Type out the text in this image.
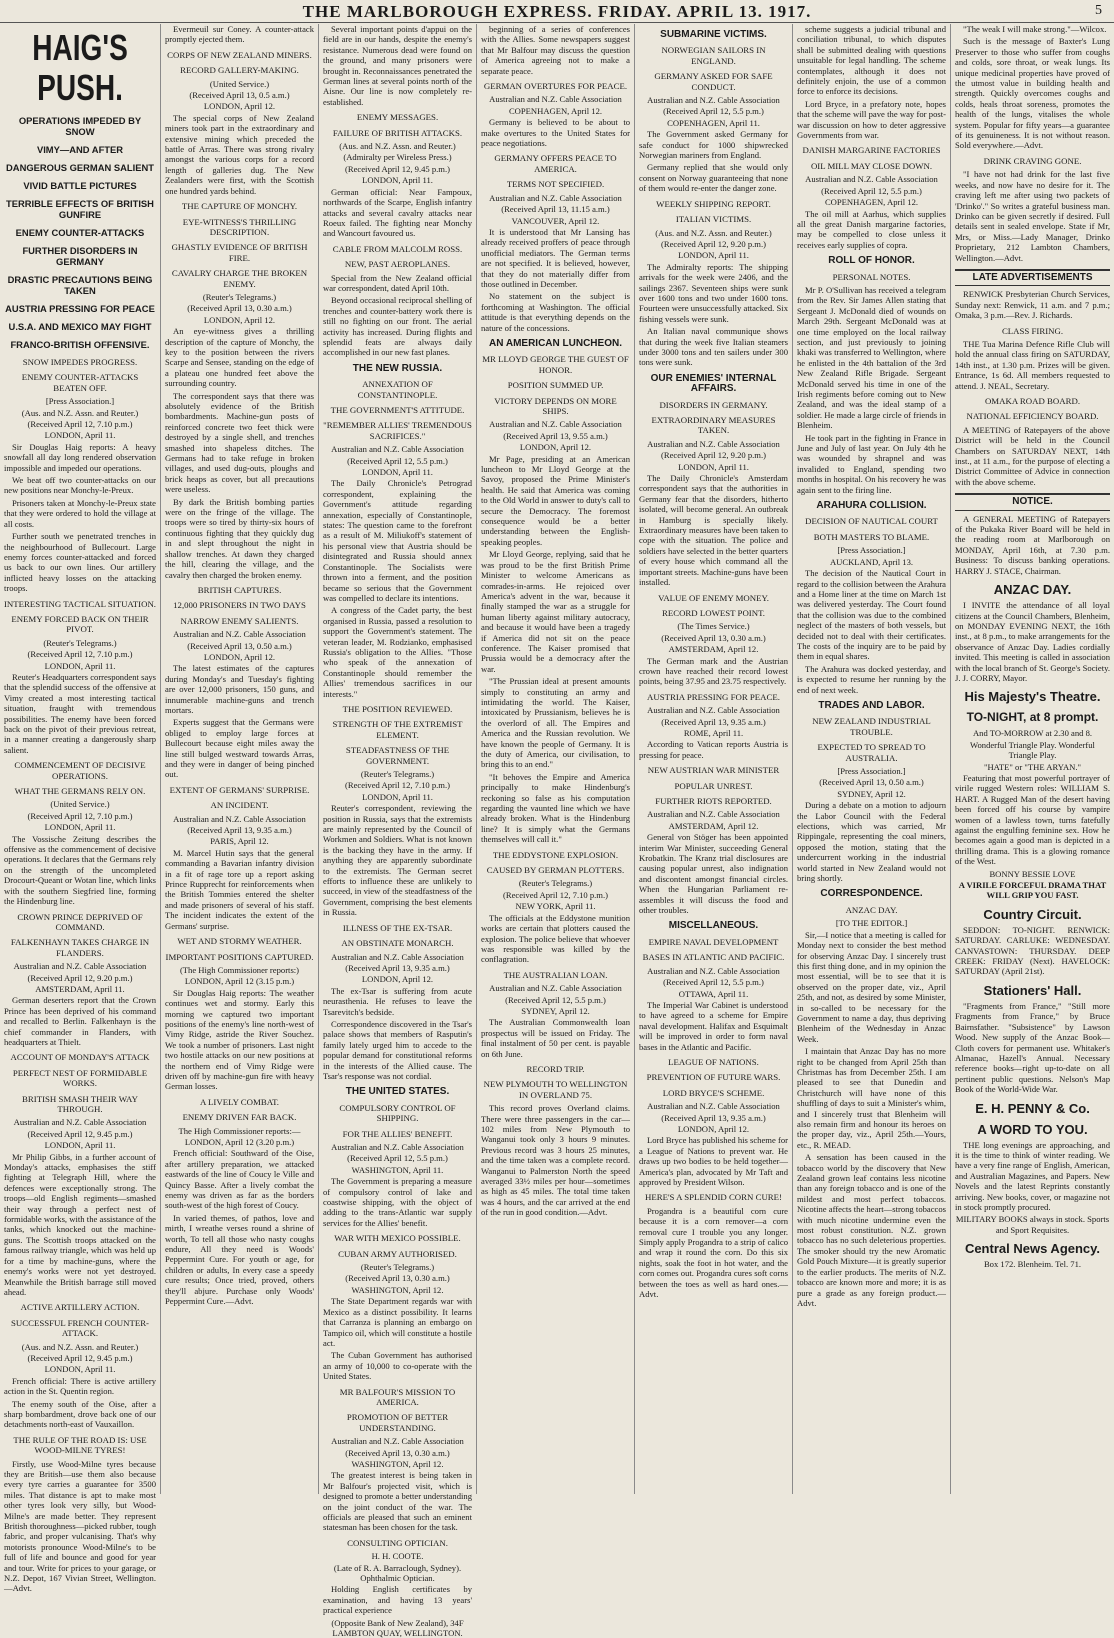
THE MARLBOROUGH EXPRESS. FRIDAY. APRIL 13. 1917.	5
HAIG'S PUSH.
OPERATIONS IMPEDED BY SNOW
VIMY—AND AFTER
DANGEROUS GERMAN SALIENT
VIVID BATTLE PICTURES
TERRIBLE EFFECTS OF BRITISH GUNFIRE
ENEMY COUNTER-ATTACKS
FURTHER DISORDERS IN GERMANY
DRASTIC PRECAUTIONS BEING TAKEN
AUSTRIA PRESSING FOR PEACE
U.S.A. AND MEXICO MAY FIGHT
FRANCO-BRITISH OFFENSIVE.
SNOW IMPEDES PROGRESS.
ENEMY COUNTER-ATTACKS BEATEN OFF.
[Press Association.]
(Aus. and N.Z. Assn. and Reuter.)
(Received April 12, 7.10 p.m.)
LONDON, April 11.

Sir Douglas Haig reports: A heavy snowfall all day long rendered observation impossible and impeded our operations.

We beat off two counter-attacks on our new positions near Monchy-le-Preux.

Prisoners taken at Monchy-le-Preux state that they were ordered to hold the village at all costs.

Further south we penetrated trenches in the neighbourhood of Bullecourt. Large enemy forces counter-attacked and forced us back to our own lines. Our artillery inflicted heavy losses on the attacking troops.

INTERESTING TACTICAL SITUATION.
ENEMY FORCED BACK ON THEIR PIVOT.
(Reuter's Telegrams.)
(Received April 12, 7.10 p.m.)
LONDON, April 11.

Reuter's Headquarters correspondent says that the splendid success of the offensive at Vimy created a most interesting tactical situation, fraught with tremendous possibilities. The enemy have been forced back on the pivot of their previous retreat, in a manner creating a dangerously sharp salient.

COMMENCEMENT OF DECISIVE OPERATIONS.
WHAT THE GERMANS RELY ON.
(United Service.)
(Received April 12, 7.10 p.m.)
LONDON, April 11.

The Vossische Zeitung describes the offensive as the commencement of decisive operations. It declares that the Germans rely on the strength of the uncompleted Drocourt-Queant or Wotan line, which links with the southern Siegfried line, forming the Hindenburg line.

CROWN PRINCE DEPRIVED OF COMMAND.
FALKENHAYN TAKES CHARGE IN FLANDERS.
Australian and N.Z. Cable Association
(Received April 12, 9.20 p.m.)
AMSTERDAM, April 11.

German deserters report that the Crown Prince has been deprived of his command and recalled to Berlin. Falkenhayn is the chief commander in Flanders, with headquarters at Thielt.

ACCOUNT OF MONDAY'S ATTACK
PERFECT NEST OF FORMIDABLE WORKS.
BRITISH SMASH THEIR WAY THROUGH.
Australian and N.Z. Cable Association
(Received April 12, 9.45 p.m.)
LONDON, April 11.

Mr Philip Gibbs, in a further account of Monday's attacks, emphasises the stiff fighting at Telegraph Hill, where the defences were exceptionally strong. The troops—old English regiments—smashed their way through a perfect nest of formidable works, with the assistance of the tanks, which knocked out the machine-guns. The Scottish troops attacked on the famous railway triangle, which was held up for a time by machine-guns, where the enemy's works were not yet destroyed. Meanwhile the British barrage still moved ahead.

ACTIVE ARTILLERY ACTION.
SUCCESSFUL FRENCH COUNTER-ATTACK.
(Aus. and N.Z. Assn. and Reuter.)
(Received April 12, 9.45 p.m.)
LONDON, April 11.

French official: There is active artillery action in the St. Quentin region.

The enemy south of the Oise, after a sharp bombardment, drove back one of our detachments north-east of Vauxaillon.

THE RULE OF THE ROAD IS: USE WOOD-MILNE TYRES!

Firstly, use Wood-Milne tyres because they are British—use them also because every tyre carries a guarantee for 3500 miles. That distance is apt to make most other tyres look very silly, but Wood-Milne's are made better. They represent British thoroughness—picked rubber, tough fabric, and proper vulcanising. That's why motorists pronounce Wood-Milne's to be full of life and bounce and good for year and tour. Write for prices to your garage, or N.Z. Depot, 167 Vivian Street, Wellington.—Advt.

Evermeuil sur Coney. A counter-attack promptly ejected them.

CORPS OF NEW ZEALAND MINERS.
RECORD GALLERY-MAKING.
(United Service.)
(Received April 13, 0.5 a.m.)
LONDON, April 12.

The special corps of New Zealand miners took part in the extraordinary and extensive mining which preceded the battle of Arras. There was strong rivalry amongst the various corps for a record length of galleries dug. The New Zealanders were first, with the Scottish one hundred yards behind.

THE CAPTURE OF MONCHY.
EYE-WITNESS'S THRILLING DESCRIPTION.
GHASTLY EVIDENCE OF BRITISH FIRE.
CAVALRY CHARGE THE BROKEN ENEMY.
(Reuter's Telegrams.)
(Received April 13, 0.30 a.m.)
LONDON, April 12.

An eye-witness gives a thrilling description of the capture of Monchy, the key to the position between the rivers Scarpe and Sensee, standing on the edge of a plateau one hundred feet above the surrounding country.

The correspondent says that there was absolutely evidence of the British bombardments. Machine-gun posts of reinforced concrete two feet thick were destroyed by a single shell, and trenches smashed into shapeless ditches. The Germans had to take refuge in broken villages, and used dug-outs, ploughs and brick heaps as cover, but all precautions were useless.

By dark the British bombing parties were on the fringe of the village. The troops were so tired by thirty-six hours of continuous fighting that they quickly dug in and slept throughout the night in shallow trenches. At dawn they charged the hill, clearing the village, and the cavalry then charged the broken enemy.

BRITISH CAPTURES.
12,000 PRISONERS IN TWO DAYS
NARROW ENEMY SALIENTS.
Australian and N.Z. Cable Association
(Received April 13, 0.50 a.m.)
LONDON, April 12.

The latest estimates of the captures during Monday's and Tuesday's fighting are over 12,000 prisoners, 150 guns, and innumerable machine-guns and trench mortars.

Experts suggest that the Germans were obliged to employ large forces at Bullecourt because eight miles away the line still bulged westward towards Arras, and they were in danger of being pinched out.

EXTENT OF GERMANS' SURPRISE.
AN INCIDENT.
Australian and N.Z. Cable Association
(Received April 13, 9.35 a.m.)
PARIS, April 12.

M. Marcel Hutin says that the general commanding a Bavarian infantry division in a fit of rage tore up a report asking Prince Rupprecht for reinforcements when the British Tommies entered the shelter and made prisoners of several of his staff. The incident indicates the extent of the Germans' surprise.

WET AND STORMY WEATHER.
IMPORTANT POSITIONS CAPTURED.
(The High Commissioner reports:)
LONDON, April 12 (3.15 p.m.)

Sir Douglas Haig reports: The weather continues wet and stormy. Early this morning we captured two important positions of the enemy's line north-west of Vimy Ridge, astride the River Souchez. We took a number of prisoners. Last night two hostile attacks on our new positions at the northern end of Vimy Ridge were driven off by machine-gun fire with heavy German losses.

A LIVELY COMBAT.
ENEMY DRIVEN FAR BACK.
The High Commissioner reports:—
LONDON, April 12 (3.20 p.m.)

French official: Southward of the Oise, after artillery preparation, we attacked eastwards of the line of Coucy le Ville and Quincy Basse. After a lively combat the enemy was driven as far as the borders south-west of the high forest of Coucy.

In varied themes, of pathos, love and mirth, I wreathe verses round a shrine of worth, To tell all those who nasty coughs endure, All they need is Woods' Peppermint Cure. For youth or age, for children or adults, In every case a speedy cure results; Once tried, proved, others they'll abjure. Purchase only Woods' Peppermint Cure.—Advt.

Several important points d'appui on the field are in our hands, despite the enemy's resistance. Numerous dead were found on the ground, and many prisoners were brought in. Reconnaissances penetrated the German lines at several points north of the Aisne. Our line is now completely re-established.

ENEMY MESSAGES.
FAILURE OF BRITISH ATTACKS.
(Aus. and N.Z. Assn. and Reuter.)
(Admiralty per Wireless Press.)
(Received April 12, 9.45 p.m.)
LONDON, April 11.

German official: Near Fampoux, northwards of the Scarpe, English infantry attacks and several cavalry attacks near Roeux failed. The fighting near Monchy and Wancourt favoured us.

CABLE FROM MALCOLM ROSS.
NEW, PAST AEROPLANES.

Special from the New Zealand official war correspondent, dated April 10th.

Beyond occasional reciprocal shelling of trenches and counter-battery work there is still no fighting on our front. The aerial activity has increased. During flights and splendid feats are always daily accomplished in our new fast planes.

THE NEW RUSSIA.
ANNEXATION OF CONSTANTINOPLE.
THE GOVERNMENT'S ATTITUDE.
"REMEMBER ALLIES' TREMENDOUS SACRIFICES."
Australian and N.Z. Cable Association
(Received April 12, 5.5 p.m.)
LONDON, April 11.

The Daily Chronicle's Petrograd correspondent, explaining the Government's attitude regarding annexation, especially of Constantinople, states: The question came to the forefront as a result of M. Miliukoff's statement of his personal view that Austria should be disintegrated and Russia should annex Constantinople. The Socialists were thrown into a ferment, and the position became so serious that the Government was compelled to declare its intentions.

A congress of the Cadet party, the best organised in Russia, passed a resolution to support the Government's statement. The veteran leader, M. Rodzianko, emphasised Russia's obligation to the Allies. "Those who speak of the annexation of Constantinople should remember the Allies' tremendous sacrifices in our interests."

THE POSITION REVIEWED.
STRENGTH OF THE EXTREMIST ELEMENT.
STEADFASTNESS OF THE GOVERNMENT.
(Reuter's Telegrams.)
(Received April 12, 7.10 p.m.)
LONDON, April 11.

Reuter's correspondent, reviewing the position in Russia, says that the extremists are mainly represented by the Council of Workmen and Soldiers. What is not known is the backing they have in the army. If anything they are apparently subordinate to the extremists. The German secret efforts to influence these are unlikely to succeed, in view of the steadfastness of the Government, comprising the best elements in Russia.

ILLNESS OF THE EX-TSAR.
AN OBSTINATE MONARCH.
Australian and N.Z. Cable Association
(Received April 13, 9.35 a.m.)
LONDON, April 12.

The ex-Tsar is suffering from acute neurasthenia. He refuses to leave the Tsarevitch's bedside.

Correspondence discovered in the Tsar's palace shows that members of Rasputin's family lately urged him to accede to the popular demand for constitutional reforms in the interests of the Allied cause. The Tsar's response was not cordial.

THE UNITED STATES.
COMPULSORY CONTROL OF SHIPPING.
FOR THE ALLIES' BENEFIT.
Australian and N.Z. Cable Association
(Received April 12, 5.5 p.m.)
WASHINGTON, April 11.

The Government is preparing a measure of compulsory control of lake and coastwise shipping, with the object of adding to the trans-Atlantic war supply services for the Allies' benefit.

WAR WITH MEXICO POSSIBLE.
CUBAN ARMY AUTHORISED.
(Reuter's Telegrams.)
(Received April 13, 0.30 a.m.)
WASHINGTON, April 12.

The State Department regards war with Mexico as a distinct possibility. It learns that Carranza is planning an embargo on Tampico oil, which will constitute a hostile act.

The Cuban Government has authorised an army of 10,000 to co-operate with the United States.

MR BALFOUR'S MISSION TO AMERICA.
PROMOTION OF BETTER UNDERSTANDING.
Australian and N.Z. Cable Association
(Received April 13, 0.30 a.m.)
WASHINGTON, April 12.

The greatest interest is being taken in Mr Balfour's projected visit, which is designed to promote a better understanding on the joint conduct of the war. The officials are pleased that such an eminent statesman has been chosen for the task.

CONSULTING OPTICIAN.
H. H. COOTE.
(Late of R. A. Barraclough, Sydney). Ophthalmic Optician.

Holding English certificates by examination, and having 13 years' practical experience

(Opposite Bank of New Zealand), 34F LAMBTON QUAY, WELLINGTON.

beginning of a series of conferences with the Allies. Some newspapers suggest that Mr Balfour may discuss the question of America agreeing not to make a separate peace.

GERMAN OVERTURES FOR PEACE.
Australian and N.Z. Cable Association
COPENHAGEN, April 12.

Germany is believed to be about to make overtures to the United States for peace negotiations.

GERMANY OFFERS PEACE TO AMERICA.
TERMS NOT SPECIFIED.
Australian and N.Z. Cable Association
(Received April 13, 11.15 a.m.)
VANCOUVER, April 12.

It is understood that Mr Lansing has already received proffers of peace through unofficial mediators. The German terms are not specified. It is believed, however, that they do not materially differ from those outlined in December.

No statement on the subject is forthcoming at Washington. The official attitude is that everything depends on the nature of the concessions.

AN AMERICAN LUNCHEON.
MR LLOYD GEORGE THE GUEST OF HONOR.
POSITION SUMMED UP.
VICTORY DEPENDS ON MORE SHIPS.
Australian and N.Z. Cable Association
(Received April 13, 9.55 a.m.)
LONDON, April 12.

Mr Page, presiding at an American luncheon to Mr Lloyd George at the Savoy, proposed the Prime Minister's health. He said that America was coming to the Old World in answer to duty's call to secure the Democracy. The foremost consequence would be a better understanding between the English-speaking peoples.

Mr Lloyd George, replying, said that he was proud to be the first British Prime Minister to welcome Americans as comrades-in-arms. He rejoiced over America's advent in the war, because it finally stamped the war as a struggle for human liberty against military autocracy, and because it would have been a tragedy if America did not sit on the peace conference. The Kaiser promised that Prussia would be a democracy after the war.

"The Prussian ideal at present amounts simply to constituting an army and intimidating the world. The Kaiser, intoxicated by Prussianism, believes he is the overlord of all. The Empires and America and the Russian revolution. We have known the people of Germany. It is the duty of America, our civilisation, to bring this to an end."

"It behoves the Empire and America principally to make Hindenburg's reckoning so false as his computation regarding the vaunted line which we have already broken. What is the Hindenburg line? It is simply what the Germans themselves will call it."

THE EDDYSTONE EXPLOSION.
CAUSED BY GERMAN PLOTTERS.
(Reuter's Telegrams.)
(Received April 12, 7.10 p.m.)
NEW YORK, April 11.

The officials at the Eddystone munition works are certain that plotters caused the explosion. The police believe that whoever was responsible was killed by the conflagration.

THE AUSTRALIAN LOAN.
Australian and N.Z. Cable Association
(Received April 12, 5.5 p.m.)
SYDNEY, April 12.

The Australian Commonwealth loan prospectus will be issued on Friday. The final instalment of 50 per cent. is payable on 6th June.

RECORD TRIP.
NEW PLYMOUTH TO WELLINGTON IN OVERLAND 75.

This record proves Overland claims. There were three passengers in the car—102 miles from New Plymouth to Wanganui took only 3 hours 9 minutes. Previous record was 3 hours 25 minutes, and the time taken was a complete record. Wanganui to Palmerston North the speed averaged 33½ miles per hour—sometimes as high as 45 miles. The total time taken was 4 hours, and the car arrived at the end of the run in good condition.—Advt.

SUBMARINE VICTIMS.
NORWEGIAN SAILORS IN ENGLAND.
GERMANY ASKED FOR SAFE CONDUCT.
Australian and N.Z. Cable Association
(Received April 12, 5.5 p.m.)
COPENHAGEN, April 11.

The Government asked Germany for safe conduct for 1000 shipwrecked Norwegian mariners from England.

Germany replied that she would only consent on Norway guaranteeing that none of them would re-enter the danger zone.

WEEKLY SHIPPING REPORT.
ITALIAN VICTIMS.
(Aus. and N.Z. Assn. and Reuter.)
(Received April 12, 9.20 p.m.)
LONDON, April 11.

The Admiralty reports: The shipping arrivals for the week were 2406, and the sailings 2367. Seventeen ships were sunk over 1600 tons and two under 1600 tons. Fourteen were unsuccessfully attacked. Six fishing vessels were sunk.

An Italian naval communique shows that during the week five Italian steamers under 3000 tons and ten sailers under 300 tons were sunk.

OUR ENEMIES' INTERNAL AFFAIRS.
DISORDERS IN GERMANY.
EXTRAORDINARY MEASURES TAKEN.
Australian and N.Z. Cable Association
(Received April 12, 9.20 p.m.)
LONDON, April 11.

The Daily Chronicle's Amsterdam correspondent says that the authorities in Germany fear that the disorders, hitherto isolated, will become general. An outbreak in Hamburg is specially likely. Extraordinary measures have been taken to cope with the situation. The police and soldiers have selected in the better quarters of every house which command all the important streets. Machine-guns have been installed.

VALUE OF ENEMY MONEY.
RECORD LOWEST POINT.
(The Times Service.)
(Received April 13, 0.30 a.m.)
AMSTERDAM, April 12.

The German mark and the Austrian crown have reached their record lowest points, being 37.95 and 23.75 respectively.

AUSTRIA PRESSING FOR PEACE.
Australian and N.Z. Cable Association
(Received April 13, 9.35 a.m.)
ROME, April 11.

According to Vatican reports Austria is pressing for peace.

NEW AUSTRIAN WAR MINISTER
POPULAR UNREST.
FURTHER RIOTS REPORTED.
Australian and N.Z. Cable Association
AMSTERDAM, April 12.

General von Stöger has been appointed interim War Minister, succeeding General Krobatkin. The Kranz trial disclosures are causing popular unrest, also indignation and discontent amongst financial circles. When the Hungarian Parliament re-assembles it will discuss the food and other troubles.

MISCELLANEOUS.
EMPIRE NAVAL DEVELOPMENT
BASES IN ATLANTIC AND PACIFIC.
Australian and N.Z. Cable Association
(Received April 12, 5.5 p.m.)
OTTAWA, April 11.

The Imperial War Cabinet is understood to have agreed to a scheme for Empire naval development. Halifax and Esquimalt will be improved in order to form naval bases in the Atlantic and Pacific.

LEAGUE OF NATIONS.
PREVENTION OF FUTURE WARS.
LORD BRYCE'S SCHEME.
Australian and N.Z. Cable Association
(Received April 13, 9.35 a.m.)
LONDON, April 12.

Lord Bryce has published his scheme for a League of Nations to prevent war. He draws up two bodies to be held together—America's plan, advocated by Mr Taft and approved by President Wilson.

HERE'S A SPLENDID CORN CURE!

Progandra is a beautiful corn cure because it is a corn remover—a corn removal cure I trouble you any longer. Simply apply Progandra to a strip of calico and wrap it round the corn. Do this six nights, soak the foot in hot water, and the corn comes out. Progandra cures soft corns between the toes as well as hard ones.—Advt.

scheme suggests a judicial tribunal and conciliation tribunal, to which disputes shall be submitted dealing with questions unsuitable for legal handling. The scheme contemplates, although it does not definitely enjoin, the use of a common force to enforce its decisions.

Lord Bryce, in a prefatory note, hopes that the scheme will pave the way for post-war discussion on how to deter aggressive Governments from war.

DANISH MARGARINE FACTORIES
OIL MILL MAY CLOSE DOWN.
Australian and N.Z. Cable Association
(Received April 12, 5.5 p.m.)
COPENHAGEN, April 12.

The oil mill at Aarhus, which supplies all the great Danish margarine factories, may be compelled to close unless it receives early supplies of copra.

ROLL OF HONOR.
PERSONAL NOTES.

Mr P. O'Sullivan has received a telegram from the Rev. Sir James Allen stating that Sergeant J. McDonald died of wounds on March 29th. Sergeant McDonald was at one time employed on the local railway section, and just previously to joining khaki was transferred to Wellington, where he enlisted in the 4th battalion of the 3rd New Zealand Rifle Brigade. Sergeant McDonald served his time in one of the Irish regiments before coming out to New Zealand, and was the ideal stamp of a soldier. He made a large circle of friends in Blenheim.

He took part in the fighting in France in June and July of last year. On July 4th he was wounded by shrapnel and was invalided to England, spending two months in hospital. On his recovery he was again sent to the firing line.

ARAHURA COLLISION.
DECISION OF NAUTICAL COURT
BOTH MASTERS TO BLAME.
[Press Association.]
AUCKLAND, April 13.

The decision of the Nautical Court in regard to the collision between the Arahura and a Home liner at the time on March 1st was delivered yesterday. The Court found that the collision was due to the combined neglect of the masters of both vessels, but decided not to deal with their certificates. The costs of the inquiry are to be paid by them in equal shares.

The Arahura was docked yesterday, and is expected to resume her running by the end of next week.

TRADES AND LABOR.
NEW ZEALAND INDUSTRIAL TROUBLE.
EXPECTED TO SPREAD TO AUSTRALIA.
[Press Association.]
(Received April 13, 0.50 a.m.)
SYDNEY, April 12.

During a debate on a motion to adjourn the Labor Council with the Federal elections, which was carried, Mr Rippingale, representing the coal miners, opposed the motion, stating that the undercurrent working in the industrial world started in New Zealand would not bring shortly.

CORRESPONDENCE.
ANZAC DAY.
[TO THE EDITOR.]

Sir,—I notice that a meeting is called for Monday next to consider the best method for observing Anzac Day. I sincerely trust this first thing done, and in my opinion the most essential, will be to see that it is observed on the proper date, viz., April 25th, and not, as desired by some Minister, in so-called to be necessary for the Government to name a day, thus depriving Blenheim of the Wednesday in Anzac Week.

I maintain that Anzac Day has no more right to be changed from April 25th than Christmas has from December 25th. I am pleased to see that Dunedin and Christchurch will have none of this shuffling of days to suit a Minister's whim, and I sincerely trust that Blenheim will also remain firm and honour its heroes on the proper day, viz., April 25th.—Yours, etc., R. MEAD.

A sensation has been caused in the tobacco world by the discovery that New Zealand grown leaf contains less nicotine than any foreign tobacco and is one of the mildest and most perfect tobaccos. Nicotine affects the heart—strong tobaccos with much nicotine undermine even the most robust constitution. N.Z. grown tobacco has no such deleterious properties. The smoker should try the new Aromatic Gold Pouch Mixture—it is greatly superior to the earlier products. The merits of N.Z. tobacco are known more and more; it is as pure a grade as any foreign product.—Advt.

"The weak I will make strong."—Wilcox.

Such is the message of Baxter's Lung Preserver to those who suffer from coughs and colds, sore throat, or weak lungs. Its unique medicinal properties have proved of the utmost value in building health and strength. Quickly overcomes coughs and colds, heals throat soreness, promotes the health of the lungs, vitalises the whole system. Popular for fifty years—a guarantee of its genuineness. It is not without reason. Sold everywhere.—Advt.

DRINK CRAVING GONE.

"I have not had drink for the last five weeks, and now have no desire for it. The craving left me after using two packets of 'Drinko'." So writes a grateful business man. Drinko can be given secretly if desired. Full details sent in sealed envelope. State if Mr, Mrs, or Miss.—Lady Manager, Drinko Proprietary, 212 Lambton Chambers, Wellington.—Advt.

LATE ADVERTISEMENTS

RENWICK Presbyterian Church Services, Sunday next: Renwick, 11 a.m. and 7 p.m.; Omaka, 3 p.m.—Rev. J. Richards.

CLASS FIRING.

THE Tua Marina Defence Rifle Club will hold the annual class firing on SATURDAY, 14th inst., at 1.30 p.m. Prizes will be given. Entrance, 1s 6d. All members requested to attend. J. NEAL, Secretary.

OMAKA ROAD BOARD.
NATIONAL EFFICIENCY BOARD.

A MEETING of Ratepayers of the above District will be held in the Council Chambers on SATURDAY NEXT, 14th inst., at 11 a.m., for the purpose of electing a District Committee of Advice in connection with the above scheme.

NOTICE.

A GENERAL MEETING of Ratepayers of the Pukaka River Board will be held in the reading room at Marlborough on MONDAY, April 16th, at 7.30 p.m. Business: To discuss banking operations. HARRY J. STACE, Chairman.

ANZAC DAY.

I INVITE the attendance of all loyal citizens at the Council Chambers, Blenheim, on MONDAY EVENING NEXT, the 16th inst., at 8 p.m., to make arrangements for the observance of Anzac Day. Ladies cordially invited. This meeting is called in association with the local branch of St. George's Society. J. J. CORRY, Mayor.

His Majesty's Theatre.
TO-NIGHT, at 8 prompt.
And TO-MORROW at 2.30 and 8.
Wonderful Triangle Play. Wonderful Triangle Play.
"HATE" or "THE ARYAN."

Featuring that most powerful portrayer of virile rugged Western roles: WILLIAM S. HART. A Rugged Man of the desert having been forced off his course by vampire women of a lawless town, turns fatefully against the engulfing feminine sex. How he becomes again a good man is depicted in a thrilling drama. This is a glowing romance of the West.

BONNY BESSIE LOVE
A VIRILE FORCEFUL DRAMA THAT WILL GRIP YOU FAST.
Country Circuit.

SEDDON: TO-NIGHT. RENWICK: SATURDAY. CARLUKE: WEDNESDAY. CANVASTOWN: THURSDAY. DEEP CREEK: FRIDAY (Next). HAVELOCK: SATURDAY (April 21st).

Stationers' Hall.

"Fragments from France," "Still more Fragments from France," by Bruce Bairnsfather. "Subsistence" by Lawson Wood. New supply of the Anzac Book—Cloth covers for permanent use. Whitaker's Almanac, Hazell's Annual. Necessary reference books—right up-to-date on all pertinent public questions. Nelson's Map Book of the World-Wide War.

E. H. PENNY & Co.
A WORD TO YOU.

THE long evenings are approaching, and it is the time to think of winter reading. We have a very fine range of English, American, and Australian Magazines, and Papers. New Novels and the latest Reprints constantly arriving. New books, cover, or magazine not in stock promptly procured.

MILITARY BOOKS always in stock. Sports and Sport Requisites.
Central News Agency.
Box 172. Blenheim. Tel. 71.
